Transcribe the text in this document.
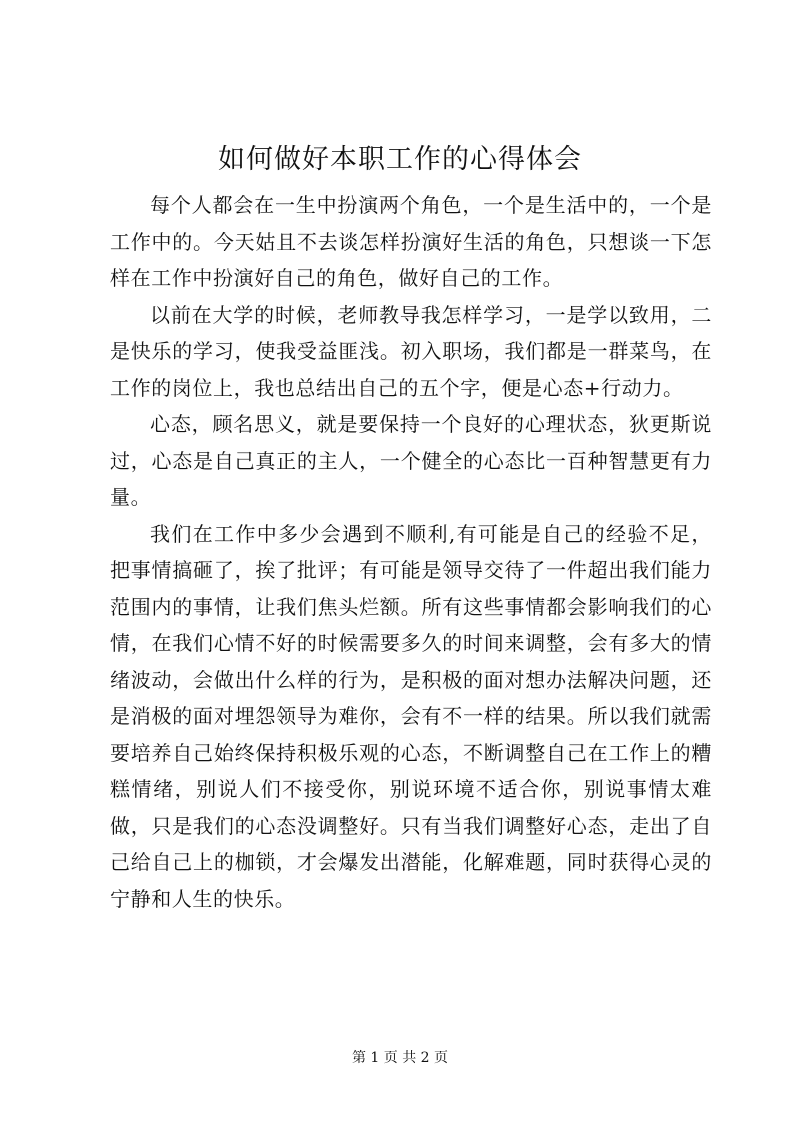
如何做好本职工作的心得体会

每个人都会在一生中扮演两个角色，一个是生活中的，一个是工作中的。今天姑且不去谈怎样扮演好生活的角色，只想谈一下怎样在工作中扮演好自己的角色，做好自己的工作。

以前在大学的时候，老师教导我怎样学习，一是学以致用，二是快乐的学习，使我受益匪浅。初入职场，我们都是一群菜鸟，在工作的岗位上，我也总结出自己的五个字，便是心态+行动力。

心态，顾名思义，就是要保持一个良好的心理状态，狄更斯说过，心态是自己真正的主人，一个健全的心态比一百种智慧更有力量。

我们在工作中多少会遇到不顺利,有可能是自己的经验不足，把事情搞砸了，挨了批评；有可能是领导交待了一件超出我们能力范围内的事情，让我们焦头烂额。所有这些事情都会影响我们的心情，在我们心情不好的时候需要多久的时间来调整，会有多大的情绪波动，会做出什么样的行为，是积极的面对想办法解决问题，还是消极的面对埋怨领导为难你，会有不一样的结果。所以我们就需要培养自己始终保持积极乐观的心态，不断调整自己在工作上的糟糕情绪，别说人们不接受你，别说环境不适合你，别说事情太难做，只是我们的心态没调整好。只有当我们调整好心态，走出了自己给自己上的枷锁，才会爆发出潜能，化解难题，同时获得心灵的宁静和人生的快乐。

第 1 页 共 2 页
